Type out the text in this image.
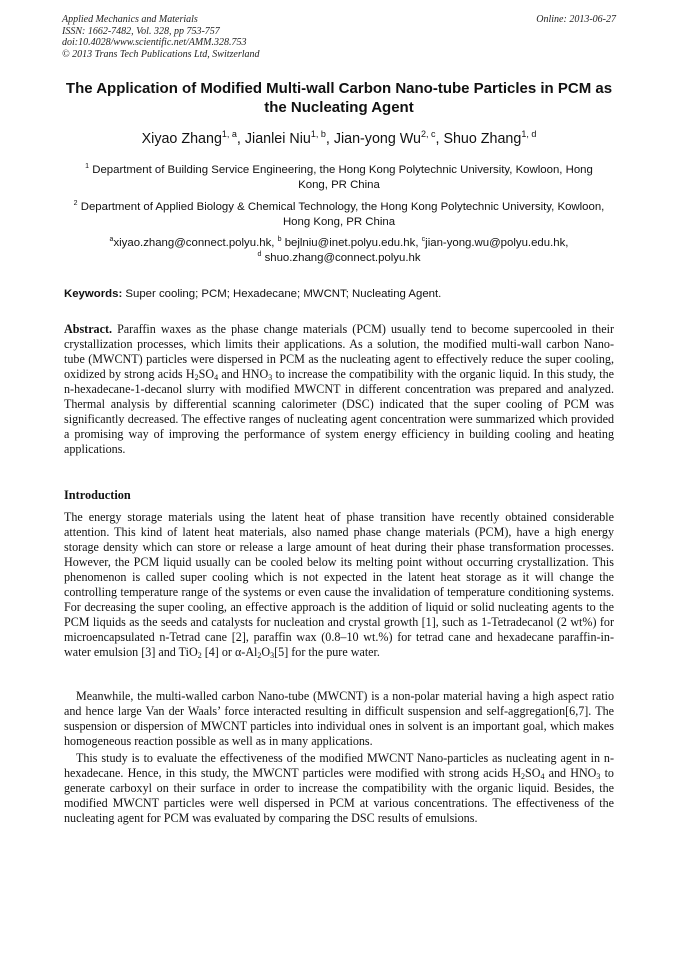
Applied Mechanics and Materials
ISSN: 1662-7482, Vol. 328, pp 753-757
doi:10.4028/www.scientific.net/AMM.328.753
© 2013 Trans Tech Publications Ltd, Switzerland
Online: 2013-06-27
The Application of Modified Multi-wall Carbon Nano-tube Particles in PCM as the Nucleating Agent
Xiyao Zhang$^{1, a}$, Jianlei Niu$^{1, b}$, Jian-yong Wu$^{2, c}$, Shuo Zhang$^{1, d}$
$^1$ Department of Building Service Engineering, the Hong Kong Polytechnic University, Kowloon, Hong Kong, PR China
$^2$ Department of Applied Biology & Chemical Technology, the Hong Kong Polytechnic University, Kowloon, Hong Kong, PR China
$^a$xiyao.zhang@connect.polyu.hk, $^b$ bejlniu@inet.polyu.edu.hk, $^c$jian-yong.wu@polyu.edu.hk,
$^d$ shuo.zhang@connect.polyu.hk
Keywords: Super cooling; PCM; Hexadecane; MWCNT; Nucleating Agent.
Abstract. Paraffin waxes as the phase change materials (PCM) usually tend to become supercooled in their crystallization processes, which limits their applications. As a solution, the modified multi-wall carbon Nano-tube (MWCNT) particles were dispersed in PCM as the nucleating agent to effectively reduce the super cooling, oxidized by strong acids $H_2SO_4$ and $HNO_3$ to increase the compatibility with the organic liquid. In this study, the n-hexadecane-1-decanol slurry with modified MWCNT in different concentration was prepared and analyzed. Thermal analysis by differential scanning calorimeter (DSC) indicated that the super cooling of PCM was significantly decreased. The effective ranges of nucleating agent concentration were summarized which provided a promising way of improving the performance of system energy efficiency in building cooling and heating applications.
Introduction
The energy storage materials using the latent heat of phase transition have recently obtained considerable attention. This kind of latent heat materials, also named phase change materials (PCM), have a high energy storage density which can store or release a large amount of heat during their phase transformation processes. However, the PCM liquid usually can be cooled below its melting point without occurring crystallization. This phenomenon is called super cooling which is not expected in the latent heat storage as it will change the controlling temperature range of the systems or even cause the invalidation of temperature conditioning systems. For decreasing the super cooling, an effective approach is the addition of liquid or solid nucleating agents to the PCM liquids as the seeds and catalysts for nucleation and crystal growth [1], such as 1-Tetradecanol (2 wt%) for microencapsulated n-Tetrad cane [2], paraffin wax (0.8–10 wt.%) for tetrad cane and hexadecane paraffin-in-water emulsion [3] and TiO$_2$ [4] or $\alpha-Al_2O_3[5]$ for the pure water.
Meanwhile, the multi-walled carbon Nano-tube (MWCNT) is a non-polar material having a high aspect ratio and hence large Van der Waals’ force interacted resulting in difficult suspension and self-aggregation[6,7]. The suspension or dispersion of MWCNT particles into individual ones in solvent is an important goal, which makes homogeneous reaction possible as well as in many applications.
This study is to evaluate the effectiveness of the modified MWCNT Nano-particles as nucleating agent in n-hexadecane. Hence, in this study, the MWCNT particles were modified with strong acids $H_2SO_4$ and $HNO_3$ to generate carboxyl on their surface in order to increase the compatibility with the organic liquid. Besides, the modified MWCNT particles were well dispersed in PCM at various concentrations. The effectiveness of the nucleating agent for PCM was evaluated by comparing the DSC results of emulsions.
